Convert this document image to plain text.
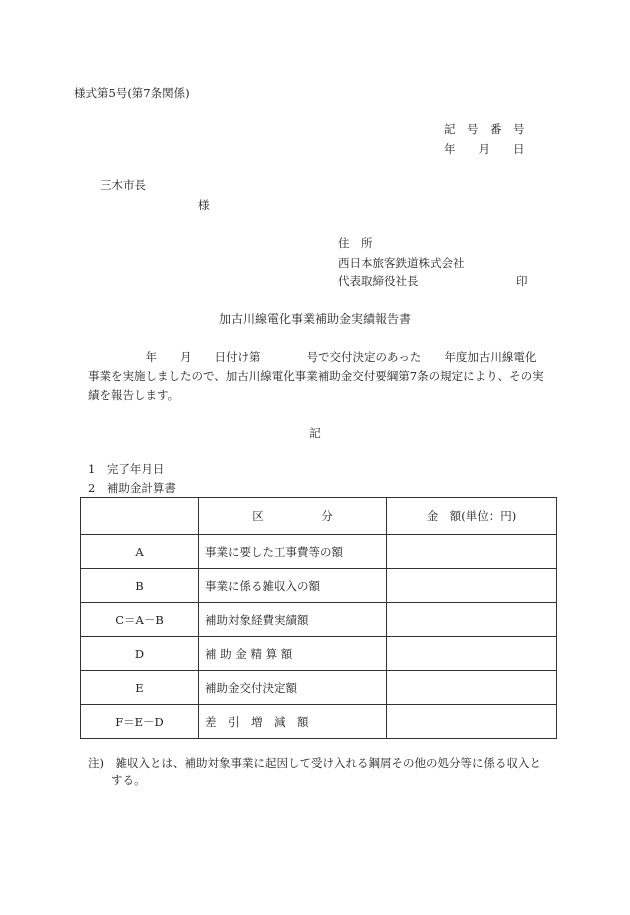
様式第5号(第7条関係)
記　号　番　号
年　　月　　日
三木市長
様
住　所
西日本旅客鉄道株式会社
代表取締役社長	印
加古川線電化事業補助金実績報告書
　　　　　年　　月　　日付け第　　　　号で交付決定のあった　　年度加古川線電化
事業を実施しましたので、加古川線電化事業補助金交付要綱第7条の規定により、その実
績を報告します。
記
1　完了年月日
2　補助金計算書
	区　　　　　分	金　額(単位：円)
A	事業に要した工事費等の額	
B	事業に係る雑収入の額	
C＝A－B	補助対象経費実績額	
D	補 助 金 精 算 額	
E	補助金交付決定額	
F＝E－D	差　引　増　減　額	
注)　雑収入とは、補助対象事業に起因して受け入れる鋼屑その他の処分等に係る収入と
　　する。
